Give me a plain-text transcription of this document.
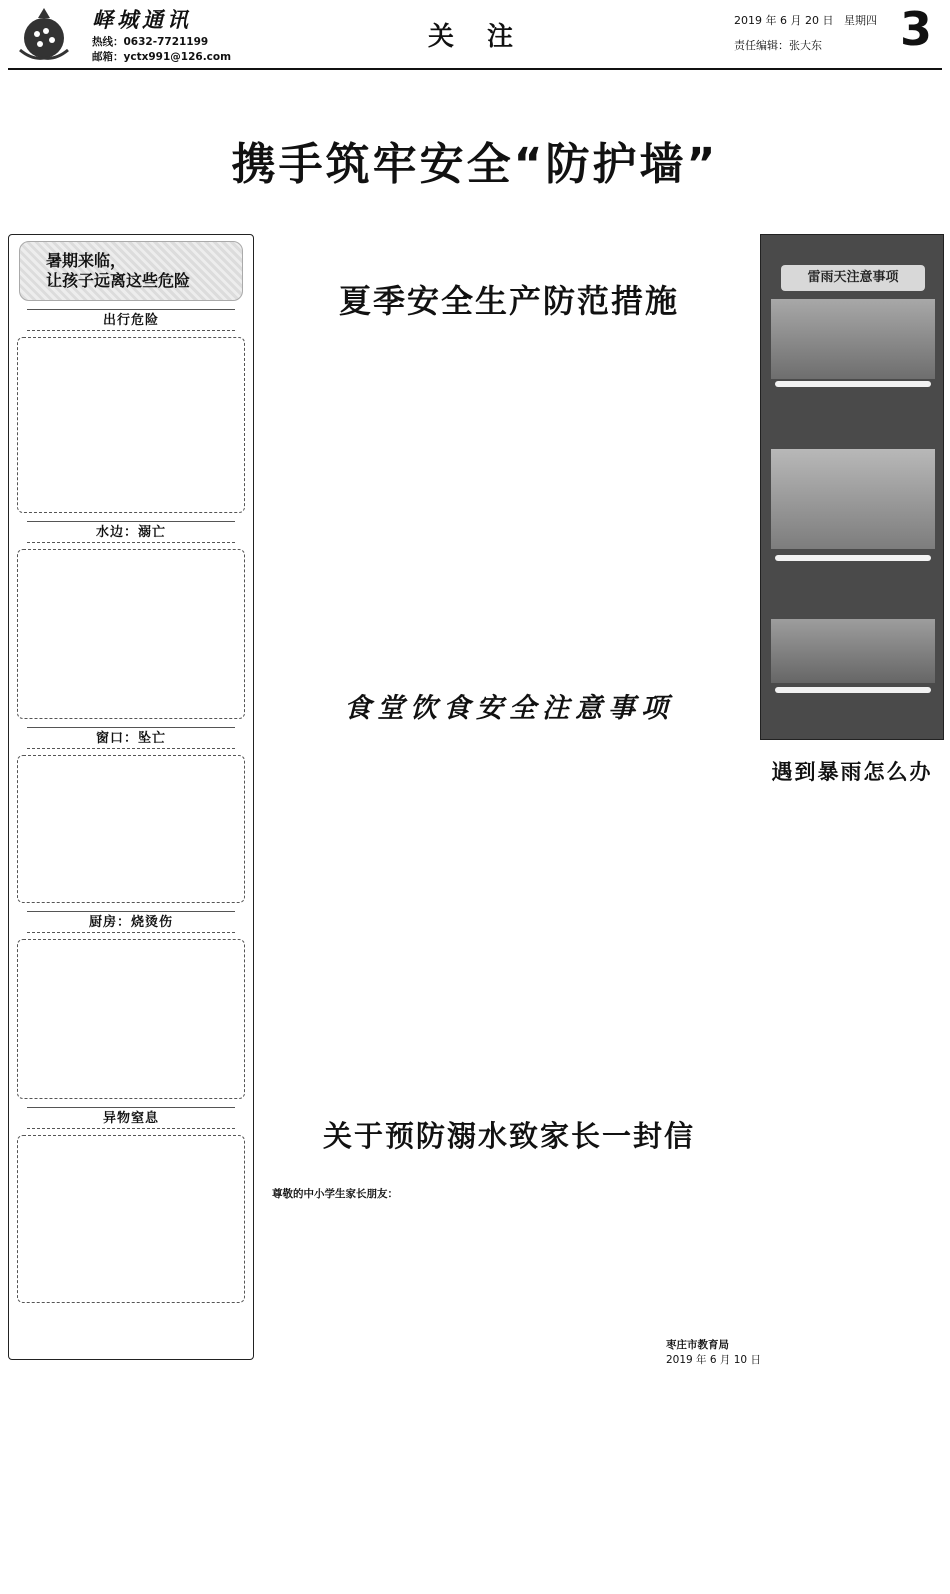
峄城通讯
热线：0632-7721199
邮箱：yctx991@126.com
关 注
2019 年 6 月 20 日 星期四
责任编辑：张大东 3
携手筑牢安全“防护墙”
暑期来临，
让孩子远离这些危险
出行危险
水边：溺亡
窗口：坠亡
厨房：烧烫伤
异物窒息
夏季安全生产防范措施
食堂饮食安全注意事项
关于预防溺水致家长一封信
尊敬的中小学生家长朋友：
枣庄市教育局
2019 年 6 月 10 日
雷雨天注意事项
遇到暴雨怎么办
